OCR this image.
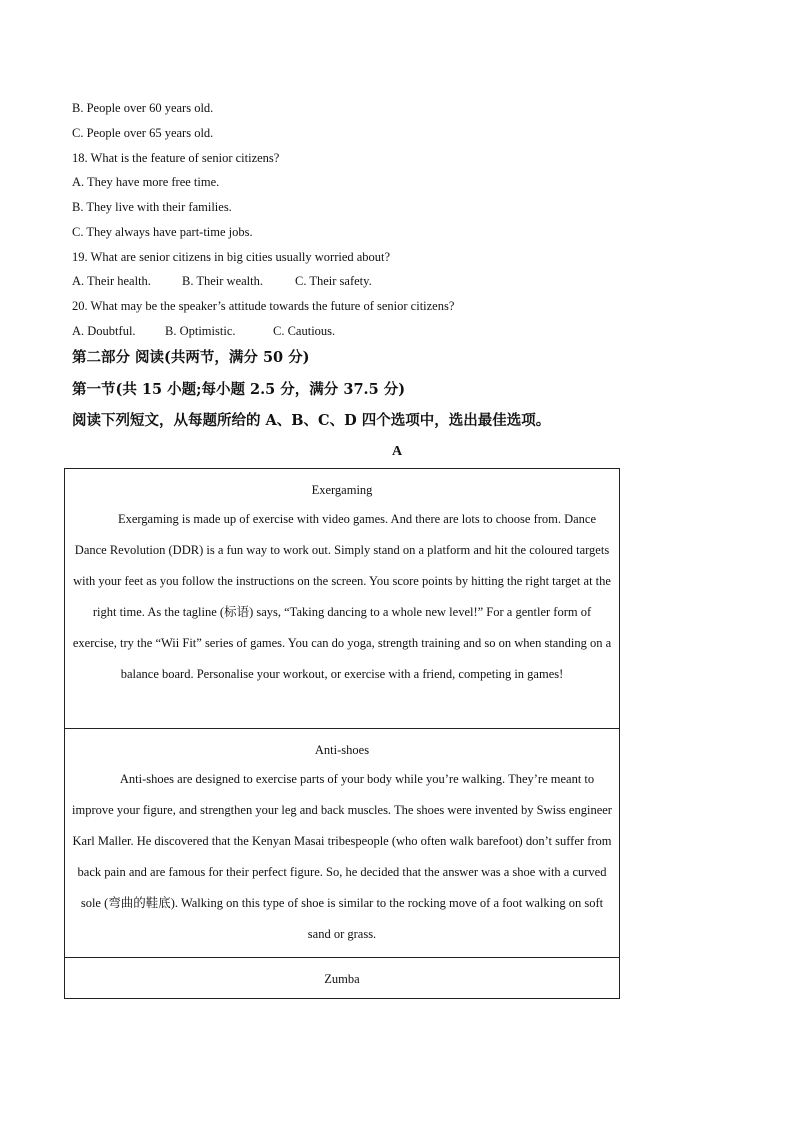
B. People over 60 years old.
C. People over 65 years old.
18. What is the feature of senior citizens?
A. They have more free time.
B. They live with their families.
C. They always have part-time jobs.
19. What are senior citizens in big cities usually worried about?
A. Their health. B. Their wealth.	C. Their safety.
20. What may be the speaker’s attitude towards the future of senior citizens?
A. Doubtful. B. Optimistic.	C. Cautious.
第二部分 阅读(共两节，满分 50 分)
第一节(共 15 小题;每小题 2.5 分，满分 37.5 分)
阅读下列短文，从每题所给的 A、B、C、D 四个选项中，选出最佳选项。
A
Exergaming
Exergaming is made up of exercise with video games. And there are lots to choose from. Dance Dance Revolution (DDR) is a fun way to work out. Simply stand on a platform and hit the coloured targets with your feet as you follow the instructions on the screen. You score points by hitting the right target at the right time. As the tagline (标语) says, “Taking dancing to a whole new level!” For a gentler form of exercise, try the “Wii Fit” series of games. You can do yoga, strength training and so on when standing on a balance board. Personalise your workout, or exercise with a friend, competing in games!

Anti-shoes
Anti-shoes are designed to exercise parts of your body while you’re walking. They’re meant to improve your figure, and strengthen your leg and back muscles. The shoes were invented by Swiss engineer Karl Maller. He discovered that the Kenyan Masai tribespeople (who often walk barefoot) don’t suffer from back pain and are famous for their perfect figure. So, he decided that the answer was a shoe with a curved sole (弯曲的鞋底). Walking on this type of shoe is similar to the rocking move of a foot walking on soft sand or grass.

Zumba
